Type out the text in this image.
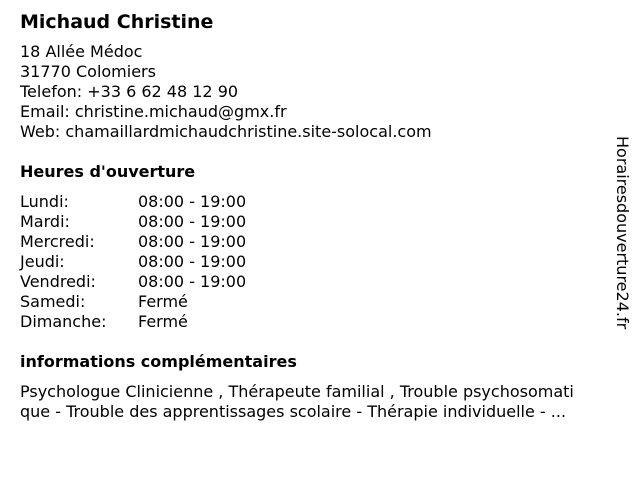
Michaud Christine
18 Allée Médoc
31770 Colomiers
Telefon: +33 6 62 48 12 90
Email: christine.michaud@gmx.fr
Web: chamaillardmichaudchristine.site-solocal.com
Heures d'ouverture
Lundi:	08:00 - 19:00
Mardi:	08:00 - 19:00
Mercredi:	08:00 - 19:00
Jeudi:	08:00 - 19:00
Vendredi:	08:00 - 19:00
Samedi:	Fermé
Dimanche:	Fermé
informations complémentaires
Psychologue Clinicienne , Thérapeute familial , Trouble psychosomati
que - Trouble des apprentissages scolaire - Thérapie individuelle - ...
Horairesdouverture24.fr
